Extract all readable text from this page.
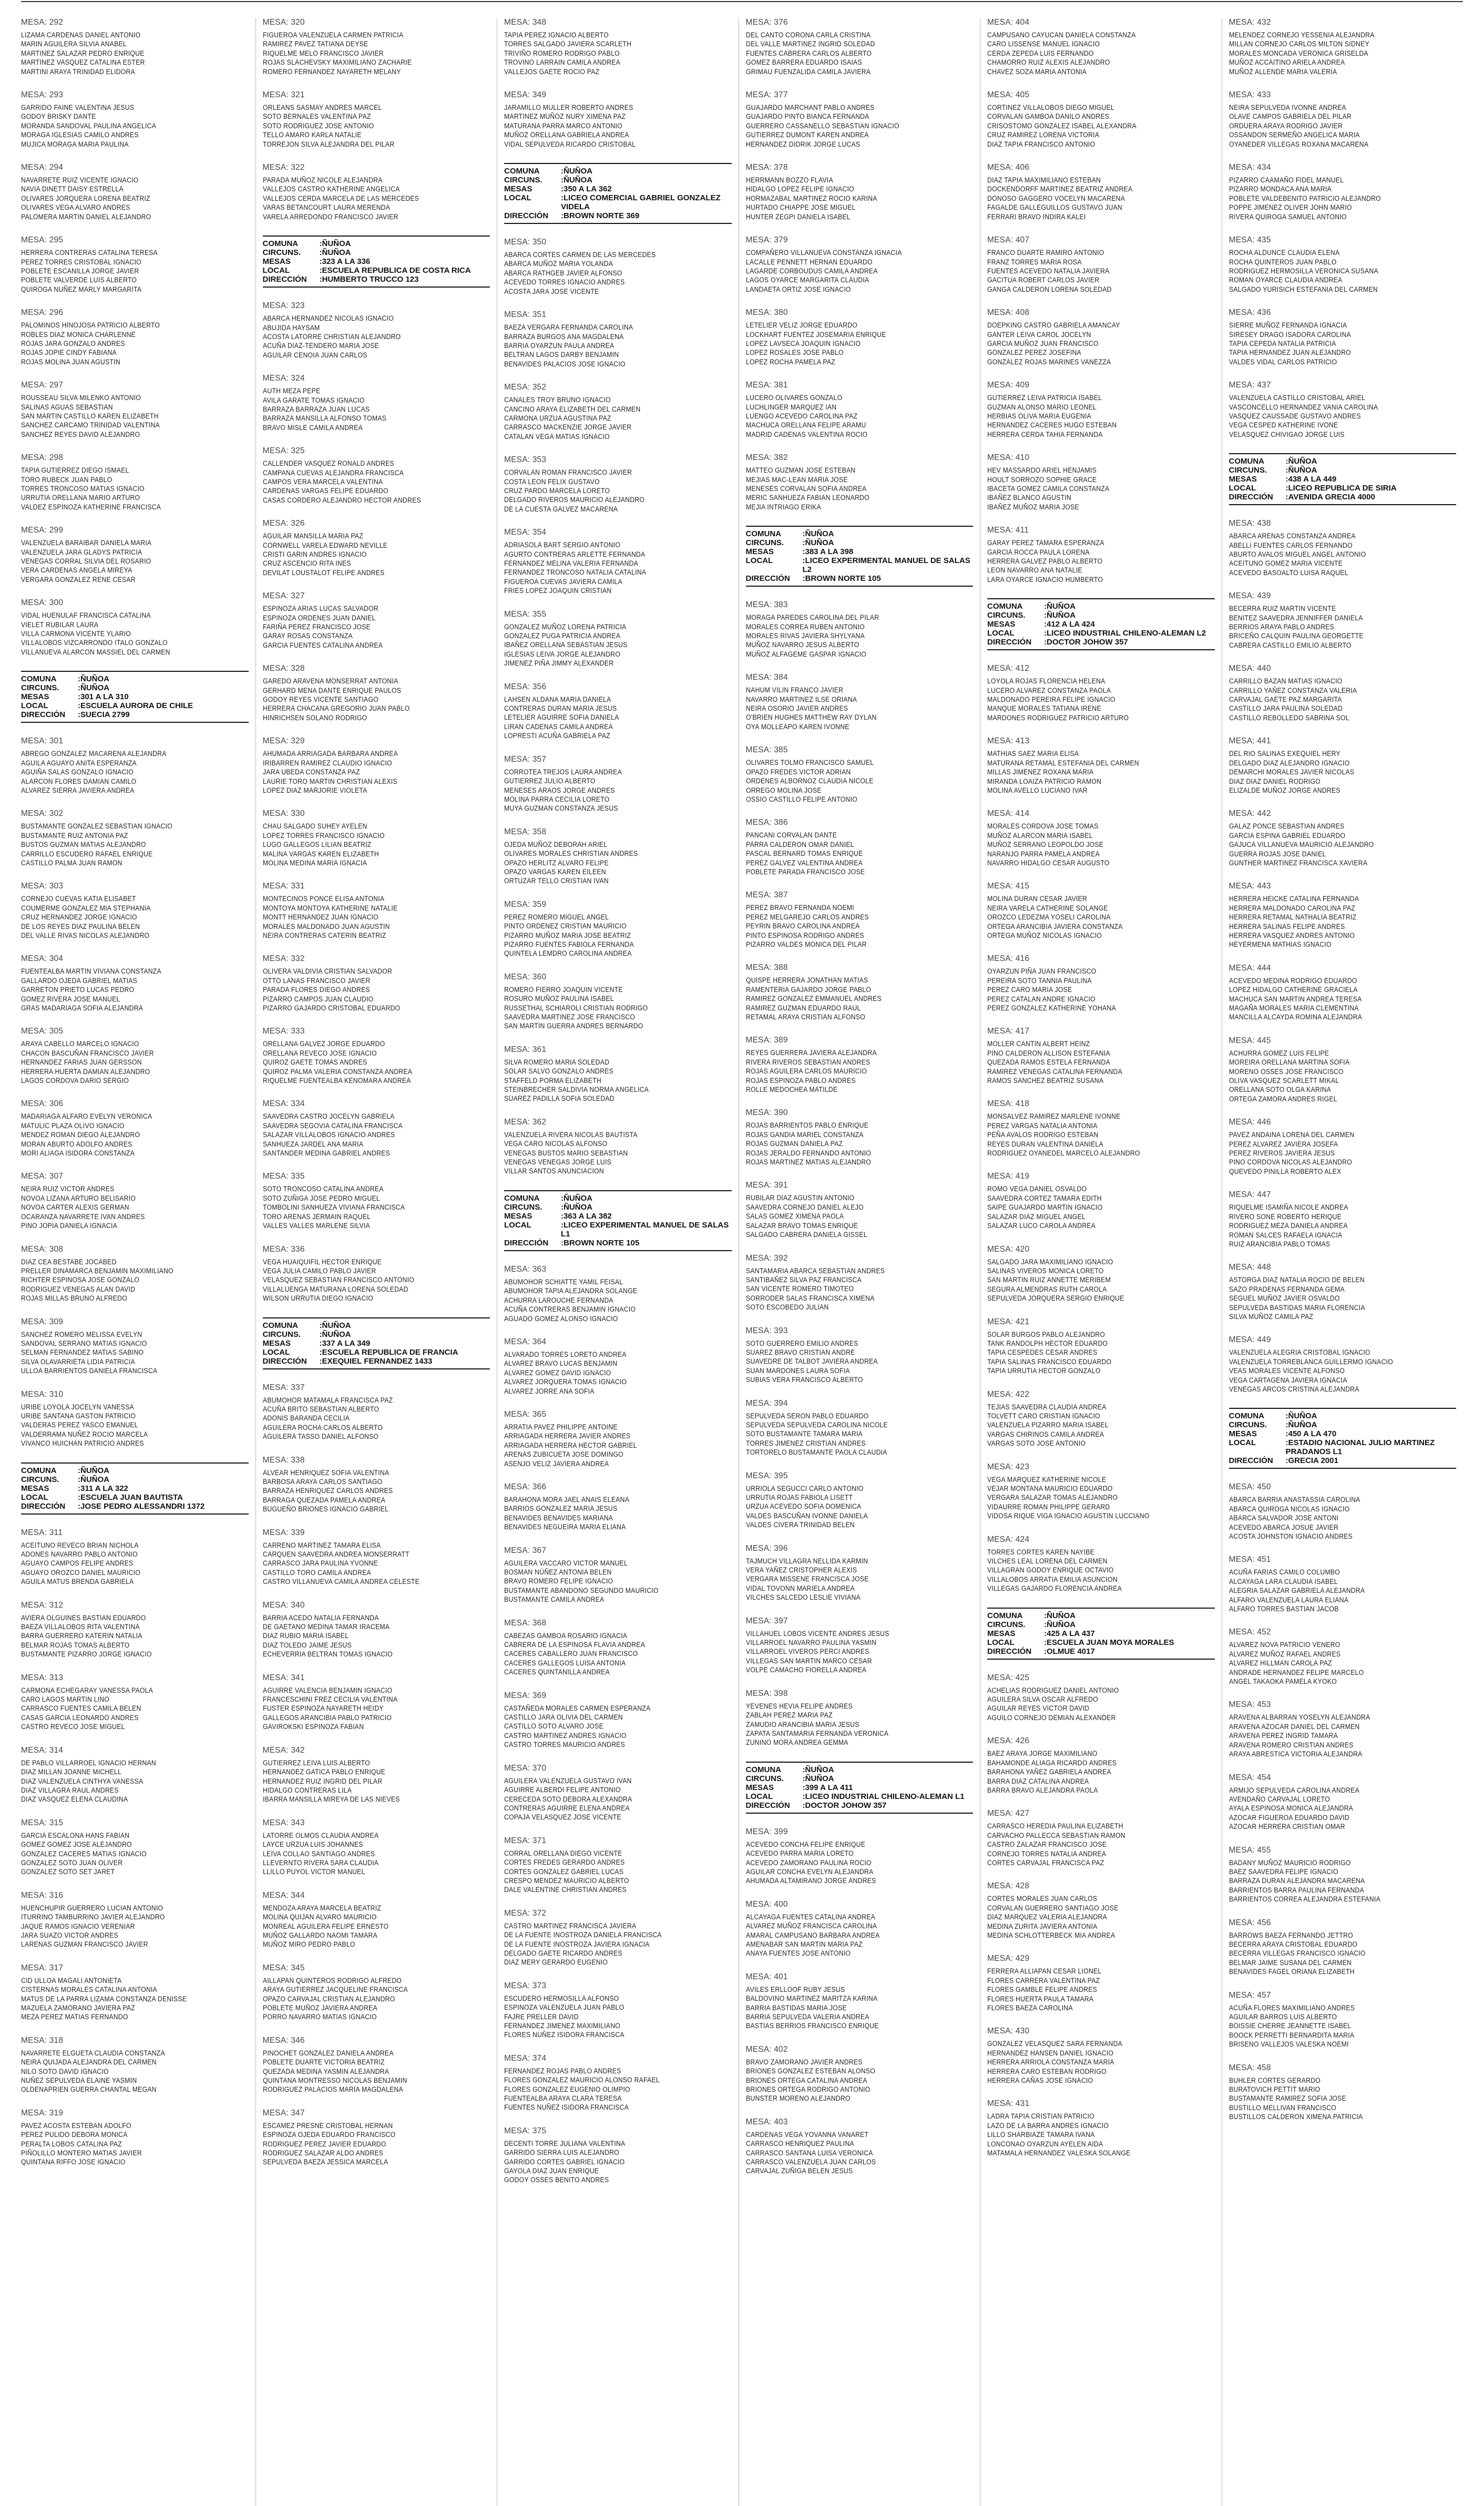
MESA: 292
LIZAMA CARDENAS DANIEL ANTONIO
MARIN AGUILERA SILVIA ANABEL
MARTINEZ SALAZAR PEDRO ENRIQUE
MARTINEZ VASQUEZ CATALINA ESTER
MARTINI ARAYA TRINIDAD ELIDORA
MESA: 293
GARRIDO FAINE VALENTINA JESUS
GODOY BRISKY DANTE
MORANDA SANDOVAL PAULINA ANGELICA
MORAGA IGLESIAS CAMILO ANDRES
MUJICA MORAGA MARIA PAULINA
MESA: 294
NAVARRETE RUIZ VICENTE IGNACIO
NAVIA DINETT DAISY ESTRELLA
OLIVARES JORQUERA LORENA BEATRIZ
OLIVARES VEGA ALVARO ANDRES
PALOMERA MARTIN DANIEL ALEJANDRO
MESA: 295
HERRERA CONTRERAS CATALINA TERESA
PEREZ TORRES CRISTOBAL IGNACIO
POBLETE ESCANILLA JORGE JAVIER
POBLETE VALVERDE LUIS ALBERTO
QUIROGA NUÑEZ MARLY MARGARITA
MESA: 296
PALOMINOS HINOJOSA PATRICIO ALBERTO
ROBLES DIAZ MONICA CHARLENNE
ROJAS JARA GONZALO ANDRES
ROJAS JOPIE CINDY FABIANA
ROJAS MOLINA JUAN AGUSTIN
MESA: 297
ROUSSEAU SILVA MILENKO ANTONIO
SALINAS AGUAS SEBASTIAN
SAN MARTIN CASTILLO KAREN ELIZABETH
SANCHEZ CARCAMO TRINIDAD VALENTINA
SANCHEZ REYES DAVID ALEJANDRO
MESA: 298
TAPIA GUTIERREZ DIEGO ISMAEL
TORO RUBECK JUAN PABLO
TORRES TRONCOSO MATIAS IGNACIO
URRUTIA ORELLANA MARIO ARTURO
VALDEZ ESPINOZA KATHERINE FRANCISCA
MESA: 299
VALENZUELA BARAIBAR DANIELA MARIA
VALENZUELA JARA GLADYS PATRICIA
VENEGAS CORRAL SILVIA DEL ROSARIO
VERA CARDENAS ANGELA MIREYA
VERGARA GONZALEZ RENE CESAR
MESA: 300
VIDAL HUENULAF FRANCISCA CATALINA
VIELET RUBILAR LAURA
VILLA CARMONA VICENTE YLARIO
VILLALOBOS VIZCARRONDO ITALO GONZALO
VILLANUEVA ALARCON MASSIEL DEL CARMEN
COMUNA	: ÑUÑOA
CIRCUNS.	: ÑUÑOA
MESAS	: 301 A LA 310
LOCAL	: ESCUELA AURORA DE CHILE
DIRECCIÓN	: SUECIA 2799
MESA: 301
ABREGO GONZALEZ MACARENA ALEJANDRA
AGUILA AGUAYO ANITA ESPERANZA
AGUIÑA SALAS GONZALO IGNACIO
ALARCON FLORES DAMIAN CAMILO
ALVAREZ SIERRA JAVIERA ANDREA
MESA: 302
BUSTAMANTE GONZALEZ SEBASTIAN IGNACIO
BUSTAMANTE RUIZ ANTONIA PAZ
BUSTOS GUZMAN MATIAS ALEJANDRO
CARRILLO ESCUDERO RAFAEL ENRIQUE
CASTILLO PALMA JUAN RAMON
MESA: 303
CORNEJO CUEVAS KATIA ELISABET
COUMERME GONZALEZ MIA STEPHANIA
CRUZ HERNANDEZ JORGE IGNACIO
DE LOS REYES DIAZ PAULINA BELEN
DEL VALLE RIVAS NICOLAS ALEJANDRO
MESA: 304
FUENTEALBA MARTIN VIVIANA CONSTANZA
GALLARDO OJEDA GABRIEL MATIAS
GARRETON PRIETO LUCAS PEDRO
GOMEZ RIVERA JOSE MANUEL
GRAS MADARIAGA SOFIA ALEJANDRA
MESA: 305
ARAYA CABELLO MARCELO IGNACIO
CHACON BASCUÑAN FRANCISCO JAVIER
HERNANDEZ FARIAS JUAN GERSSON
HERRERA HUERTA DAMIAN ALEJANDRO
LAGOS CORDOVA DARIO SERGIO
MESA: 306
MADARIAGA ALFARO EVELYN VERONICA
MATULIC PLAZA OLIVO IGNACIO
MENDEZ ROMAN DIEGO ALEJANDRO
MORAN ABURTO ADOLFO ANDRES
MORI ALIAGA ISIDORA CONSTANZA
MESA: 307
NEIRA RUIZ VICTOR ANDRES
NOVOA LIZANA ARTURO BELISARIO
NOVOA CARTER ALEXIS GERMAN
OCARANZA NAVARRETE IVAN ANDRES
PINO JOPIA DANIELA IGNACIA
MESA: 308
DIAZ CEA BESTABE JOCABED
PRELLER DINAMARCA BENJAMIN MAXIMILIANO
RICHTER ESPINOSA JOSE GONZALO
RODRIGUEZ VENEGAS ALAN DAVID
ROJAS MILLAS BRUNO ALFREDO
MESA: 309
SANCHEZ ROMERO MELISSA EVELYN
SANDOVAL SERRANO MATIAS IGNACIO
SELMAN FERNANDEZ MATIAS SABINO
SILVA OLAVARRIETA LIDIA PATRICIA
ULLOA BARRIENTOS DANIELA FRANCISCA
MESA: 310
URIBE LOYOLA JOCELYN VANESSA
URIBE SANTANA GASTON PATRICIO
VALDERAS PEREZ YASCO EMANUEL
VALDERRAMA NUÑEZ ROCIO MARCELA
VIVANCO HUICHAN PATRICIO ANDRES
COMUNA	: ÑUÑOA
CIRCUNS.	: ÑUÑOA
MESAS	: 311 A LA 322
LOCAL	: ESCUELA JUAN BAUTISTA
DIRECCIÓN	: JOSE PEDRO ALESSANDRI 1372
MESA: 311
ACEITUNO REVECO BRIAN NICHOLA
ADONES NAVARRO PABLO ANTONIO
AGUAYO CAMPOS FELIPE ANDRES
AGUAYO OROZCO DANIEL MAURICIO
AGUILA MATUS BRENDA GABRIELA
MESA: 312
AVIERA OLGUINES BASTIAN EDUARDO
BAEZA VILLALOBOS RITA VALENTINA
BARRA GUERRERO KATERIN NATALIA
BELMAR ROJAS TOMAS ALBERTO
BUSTAMANTE PIZARRO JORGE IGNACIO
MESA: 313
CARMONA ECHEGARAY VANESSA PAOLA
CARO LAGOS MARTIN LINO
CARRASCO FUENTES CAMILA BELEN
CASAS GARCIA LEONARDO ANDRES
CASTRO REVECO JOSE MIGUEL
MESA: 314
DE PABLO VILLARROEL IGNACIO HERNAN
DIAZ MILLAN JOANNE MICHELL
DIAZ VALENZUELA CINTHYA VANESSA
DIAZ VILLAGRA RAUL ANDRES
DIAZ VASQUEZ ELENA CLAUDINA
MESA: 315
GARCIA ESCALONA HANS FABIAN
GOMEZ GOMEZ JOSE ALEJANDRO
GONZALEZ CACERES MATIAS IGNACIO
GONZALEZ SOTO JUAN OLIVER
GONZALEZ SOTO SET JARET
MESA: 316
HUENCHUPIR GUERRERO LUCIAN ANTONIO
ITURRINO TAMBURRINO JAVIER ALEJANDRO
JAQUE RAMOS IGNACIO VERENIAR
JARA SUAZO VICTOR ANDRES
LARENAS GUZMAN FRANCISCO JAVIER
MESA: 317
CID ULLOA MAGALI ANTONIETA
CISTERNAS MORALES CATALINA ANTONIA
MATUS DE LA PARRA LIZAMA CONSTANZA DENISSE
MAZUELA ZAMORANO JAVIERA PAZ
MEZA PEREZ MATIAS FERNANDO
MESA: 318
NAVARRETE ELGUETA CLAUDIA CONSTANZA
NEIRA QUIJADA ALEJANDRA DEL CARMEN
NILO SOTO DAVID IGNACIO
NUÑEZ SEPULVEDA ELAINE YASMIN
OLDENAPRIEN GUERRA CHANTAL MEGAN
MESA: 319
PAVEZ ACOSTA ESTEBAN ADOLFO
PEREZ PULIDO DEBORA MONICA
PERALTA LOBOS CATALINA PAZ
PIÑOLILLO MONTERO MATIAS JAVIER
QUINTANA RIFFO JOSE IGNACIO
MESA: 320
FIGUEROA VALENZUELA CARMEN PATRICIA
RAMIREZ PAVEZ TATIANA DEYSE
RIQUELME MELO FRANCISCO JAVIER
ROJAS SLACHEVSKY MAXIMILIANO ZACHARIE
ROMERO FERNANDEZ NAYARETH MELANY
MESA: 321
ORLEANS SASMAY ANDRES MARCEL
SOTO BERNALES VALENTINA PAZ
SOTO RODRIGUEZ JOSE ANTONIO
TELLO AMARO KARLA NATALIE
TORREJON SILVA ALEJANDRA DEL PILAR
MESA: 322
PARADA MUÑOZ NICOLE ALEJANDRA
VALLEJOS CASTRO KATHERINE ANGELICA
VALLEJOS CERDA MARCELA DE LAS MERCEDES
VARAS BETANCOURT LAURA MERENDA
VARELA ARREDONDO FRANCISCO JAVIER
COMUNA	: ÑUÑOA
CIRCUNS.	: ÑUÑOA
MESAS	: 323 A LA 336
LOCAL	: ESCUELA REPUBLICA DE COSTA RICA
DIRECCIÓN	: HUMBERTO TRUCCO 123
MESA: 323
ABARCA HERNANDEZ NICOLAS IGNACIO
ABUJIDA HAYSAM
ACOSTA LATORRE CHRISTIAN ALEJANDRO
ACUÑA DIAZ-TENDERO MARIA JOSE
AGUILAR CENOIA JUAN CARLOS
MESA: 324
AUTH MEZA PEPE
AVILA GARATE TOMAS IGNACIO
BARRAZA BARRAZA JUAN LUCAS
BARRAZA MANSILLA ALFONSO TOMAS
BRAVO MISLE CAMILA ANDREA
MESA: 325
CALLENDER VASQUEZ RONALD ANDRES
CAMPANA CUEVAS ALEJANDRA FRANCISCA
CAMPOS VERA MARCELA VALENTINA
CARDENAS VARGAS FELIPE EDUARDO
CASAS CORDERO ALEJANDRO HECTOR ANDRES
MESA: 326
AGUILAR MANSILLA MARIA PAZ
CORNWELL VARELA EDWARD NEVILLE
CRISTI GARIN ANDRES IGNACIO
CRUZ ASCENCIO RITA INES
DEVILAT LOUSTALOT FELIPE ANDRES
MESA: 327
ESPINOZA ARIAS LUCAS SALVADOR
ESPINOZA ORDENES JUAN DANIEL
FARIÑA PEREZ FRANCISCO JOSE
GARAY ROSAS CONSTANZA
GARCIA FUENTES CATALINA ANDREA
MESA: 328
GAREDO ARAVENA MONSERRAT ANTONIA
GERHARD MENA DANTE ENRIQUE PAULOS
GODOY REYES VICENTE SANTIAGO
HERRERA CHACANA GREGORIO JUAN PABLO
HINRICHSEN SOLANO RODRIGO
MESA: 329
AHUMADA ARRIAGADA BARBARA ANDREA
IRIBARREN RAMIREZ CLAUDIO IGNACIO
JARA UBEDA CONSTANZA PAZ
LAURIE TORO MARTIN CHRISTIAN ALEXIS
LOPEZ DIAZ MARJORIE VIOLETA
MESA: 330
CHAU SALGADO SUHEY AYELEN
LOPEZ TORRES FRANCISCO IGNACIO
LUGO GALLEGOS LILIAN BEATRIZ
MALINA VARGAS KAREN ELIZABETH
MOLINA MEDINA MARIA IGNACIA
MESA: 331
MONTECINOS PONCE ELISA ANTONIA
MONTOYA MONTOYA KATHERINE NATALIE
MONTT HERNANDEZ JUAN IGNACIO
MORALES MALDONADO JUAN AGUSTIN
NEIRA CONTRERAS CATERIN BEATRIZ
MESA: 332
OLIVERA VALDIVIA CRISTIAN SALVADOR
OTTO LANAS FRANCISCO JAVIER
PARADA FLORES DIEGO ANDRES
PIZARRO CAMPOS JUAN CLAUDIO
PIZARRO GAJARDO CRISTOBAL EDUARDO
MESA: 333
ORELLANA GALVEZ JORGE EDUARDO
ORELLANA REVECO JOSE IGNACIO
QUIROZ GAETE TOMAS ANDRES
QUIROZ PALMA VALERIA CONSTANZA ANDREA
RIQUELME FUENTEALBA KENOMARA ANDREA
MESA: 334
SAAVEDRA CASTRO JOCELYN GABRIELA
SAAVEDRA SEGOVIA CATALINA FRANCISCA
SALAZAR VILLALOBOS IGNACIO ANDRES
SANHUEZA JARDEL ANA MARIA
SANTANDER MEDINA GABRIEL ANDRES
MESA: 335
SOTO TRONCOSO CATALINA ANDREA
SOTO ZUÑIGA JOSE PEDRO MIGUEL
TOMBOLINI SANHUEZA VIVIANA FRANCISCA
TORO ARENAS JERMAIN RAQUEL
VALLES VALLES MARLENE SILVIA
MESA: 336
VEGA HUAIQUIFIL HECTOR ENRIQUE
VEGA JULIA CAMILO PABLO JAVIER
VELASQUEZ SEBASTIAN FRANCISCO ANTONIO
VILLALUENGA MATURANA LORENA SOLEDAD
WILSON URRUTIA DIEGO IGNACIO
COMUNA	: ÑUÑOA
CIRCUNS.	: ÑUÑOA
MESAS	: 337 A LA 349
LOCAL	: ESCUELA REPUBLICA DE FRANCIA
DIRECCIÓN	: EXEQUIEL FERNANDEZ 1433
MESA: 337
ABUMOHOR MATAMALA FRANCISCA PAZ
ACUÑA BRITO SEBASTIAN ALBERTO
ADONIS BARANDA CECILIA
AGUILERA ROCHA CARLOS ALBERTO
AGUILERA TASSO DANIEL ALFONSO
MESA: 338
ALVEAR HENRIQUEZ SOFIA VALENTINA
BARBOSA ARAYA CARLOS SANTIAGO
BARRAZA HENRIQUEZ CARLOS ANDRES
BARRAGA QUEZADA PAMELA ANDREA
BUGUEÑO BRIONES IGNACIO GABRIEL
MESA: 339
CARRENO MARTINEZ TAMARA ELISA
CARQUEN SAAVEDRA ANDREA MONSERRATT
CARRASCO JARA PAULINA YVONNE
CASTILLO TORO CAMILA ANDREA
CASTRO VILLANUEVA CAMILA ANDREA CELESTE
MESA: 340
BARRIA ACEDO NATALIA FERNANDA
DE GAETANO MEDINA TAMAR IRACEMA
DIAZ RUBIO MARIA ISABEL
DIAZ TOLEDO JAIME JESUS
ECHEVERRIA BELTRAN TOMAS IGNACIO
MESA: 341
AGUIRRE VALENCIA BENJAMIN IGNACIO
FRANCESCHINI FREZ CECILIA VALENTINA
FUSTER ESPINOZA NAYARETH HEIDY
GALLEGOS ARANCIBIA PABLO PATRICIO
GAVIROKSKI ESPINOZA FABIAN
MESA: 342
GUTIERREZ LEIVA LUIS ALBERTO
HERNANDEZ GATICA PABLO ENRIQUE
HERNANDEZ RUIZ INGRID DEL PILAR
HIDALGO CONTRERAS LILA
IBARRA MANSILLA MIREYA DE LAS NIEVES
MESA: 343
LATORRE OLMOS CLAUDIA ANDREA
LAYCE URZUA LUIS JOHANNES
LEIVA COLLAO SANTIAGO ANDRES
LLEVERNTO RIVERA SARA CLAUDIA
LLILLO PUYOL VICTOR MANUEL
MESA: 344
MENDOZA ARAYA MARCELA BEATRIZ
MOLINA QUIJAN ALVARO MAURICIO
MONREAL AGUILERA FELIPE ERNESTO
MUÑOZ GALLARDO NAOMI TAMARA
MUÑOZ MIRO PEDRO PABLO
MESA: 345
AILLAPAN QUINTEROS RODRIGO ALFREDO
ARAYA GUTIERREZ JACQUELINE FRANCISCA
OPAZO CARVAJAL CRISTIAN ALEJANDRO
POBLETE MUÑOZ JAVIERA ANDREA
PORRO NAVARRO MATIAS IGNACIO
MESA: 346
PINOCHET GONZALEZ DANIELA ANDREA
POBLETE DUARTE VICTORIA BEATRIZ
QUEZADA MEDINA YASMIN ALEJANDRA
QUINTANA MONTRESSO NICOLAS BENJAMIN
RODRIGUEZ PALACIOS MARIA MAGDALENA
MESA: 347
ESCAMEZ PRESNE CRISTOBAL HERNAN
ESPINOZA OJEDA EDUARDO FRANCISCO
RODRIGUEZ PEREZ JAVIER EDUARDO
RODRIGUEZ SALAZAR ALDO ANDRES
SEPULVEDA BAEZA JESSICA MARCELA
MESA: 348
TAPIA PEREZ IGNACIO ALBERTO
TORRES SALGADO JAVIERA SCARLETH
TRIVIÑO ROMERO RODRIGO PABLO
TROVINO LARRAIN CAMILA ANDREA
VALLEJOS GAETE ROCIO PAZ
MESA: 349
JARAMILLO MULLER ROBERTO ANDRES
MARTINEZ MUÑOZ NURY XIMENA PAZ
MATURANA PARRA MARCO ANTONIO
MUÑOZ ORELLANA GABRIELA ANDREA
VIDAL SEPULVEDA RICARDO CRISTOBAL
COMUNA	: ÑUÑOA
CIRCUNS.	: ÑUÑOA
MESAS	: 350 A LA 362
LOCAL	: LICEO COMERCIAL GABRIEL GONZALEZ VIDELA
DIRECCIÓN	: BROWN NORTE 369
MESA: 350
ABARCA CORTES CARMEN DE LAS MERCEDES
ABARCA MUÑOZ MARIA YOLANDA
ABARCA RATHGEB JAVIER ALFONSO
ACEVEDO TORRES IGNACIO ANDRES
ACOSTA JARA JOSE VICENTE
MESA: 351
BAEZA VERGARA FERNANDA CAROLINA
BARRAZA BURGOS ANA MAGDALENA
BARRIA OYARZUN PAULA ANDREA
BELTRAN LAGOS DARBY BENJAMIN
BENAVIDES PALACIOS JOSE IGNACIO
MESA: 352
CANALES TROY BRUNO IGNACIO
CANCINO ARAYA ELIZABETH DEL CARMEN
CARMONA URZUA AGUSTINA PAZ
CARRASCO MACKENZIE JORGE JAVIER
CATALAN VEGA MATIAS IGNACIO
MESA: 353
CORVALAN ROMAN FRANCISCO JAVIER
COSTA LEON FELIX GUSTAVO
CRUZ PARDO MARCELA LORETO
DELGADO RIVEROS MAURICIO ALEJANDRO
DE LA CUESTA GALVEZ MACARENA
MESA: 354
ADRIASOLA BART SERGIO ANTONIO
AGURTO CONTRERAS ARLETTE FERNANDA
FERNANDEZ MELINA VALERIA FERNANDA
FERNANDEZ TRONCOSO NATALIA CATALINA
FIGUEROA CUEVAS JAVIERA CAMILA
FRIES LOPEZ JOAQUIN CRISTIAN
MESA: 355
GONZALEZ MUÑOZ LORENA PATRICIA
GONZALEZ PUGA PATRICIA ANDREA
IBAÑEZ ORELLANA SEBASTIAN JESUS
IGLESIAS LEIVA JORGE ALEJANDRO
JIMENEZ PIÑA JIMMY ALEXANDER
MESA: 356
LAHSEN ALDANA MARIA DANIELA
CONTRERAS DURAN MARIA JESUS
LETELIER AGUIRRE SOFIA DANIELA
LIRAN CADENAS CAMILA ANDREA
LOPRESTI ACUÑA GABRIELA PAZ
MESA: 357
CORROTEA TREJOS LAURA ANDREA
GUTIERREZ JULIO ALBERTO
MENESES ARAOS JORGE ANDRES
MOLINA PARRA CECILIA LORETO
MUYA GUZMAN CONSTANZA JESUS
MESA: 358
OJEDA MUÑOZ DEBORAH ARIEL
OLIVARES MORALES CHRISTIAN ANDRES
OPAZO HERLITZ ALVARO FELIPE
OPAZO VARGAS KAREN EILEEN
ORTUZAR TELLO CRISTIAN IVAN
MESA: 359
PEREZ ROMERO MIGUEL ANGEL
PINTO ORDENEZ CRISTIAN MAURICIO
PIZARRO MUÑOZ MARIA JOSE BEATRIZ
PIZARRO FUENTES FABIOLA FERNANDA
QUINTELA LEMDRO CAROLINA ANDREA
MESA: 360
ROMERO FIERRO JOAQUIN VICENTE
ROSURO MUÑOZ PAULINA ISABEL
RUSSETHAL SCHIAROLI CRISTIAN RODRIGO
SAAVEDRA MARTINEZ JOSE FRANCISCO
SAN MARTIN GUERRA ANDRES BERNARDO
MESA: 361
SILVA ROMERO MARIA SOLEDAD
SOLAR SALVO GONZALO ANDRES
STAFFELD PORMA ELIZABETH
STEINBRECHER SALDIVIA NORMA ANGELICA
SUAREZ PADILLA SOFIA SOLEDAD
MESA: 362
VALENZUELA RIVERA NICOLAS BAUTISTA
VEGA CARO NICOLAS ALFONSO
VENEGAS BUSTOS MARIO SEBASTIAN
VENEGAS VENEGAS JORGE LUIS
VILLAR SANTOS ANUNCIACION
COMUNA	: ÑUÑOA
CIRCUNS.	: ÑUÑOA
MESAS	: 363 A LA 382
LOCAL	: LICEO EXPERIMENTAL MANUEL DE SALAS L1
DIRECCIÓN	: BROWN NORTE 105
MESA: 363
ABUMOHOR SCHIATTE YAMIL FEISAL
ABUMOHOR TAPIA ALEJANDRA SOLANGE
ACHURRA LAROUCHE FERNANDA
ACUÑA CONTRERAS BENJAMIN IGNACIO
AGUADO GOMEZ ALONSO IGNACIO
MESA: 364
ALVARADO TORRES LORETO ANDREA
ALVAREZ BRAVO LUCAS BENJAMIN
ALVAREZ GOMEZ DAVID IGNACIO
ALVAREZ JORQUERA TOMAS IGNACIO
ALVAREZ JORRE ANA SOFIA
MESA: 365
ARRATIA PAVEZ PHILIPPE ANTOINE
ARRIAGADA HERRERA JAVIER ANDRES
ARRIAGADA HERRERA HECTOR GABRIEL
ARENAS ZUBICUETA JOSE DOMINGO
ASENJO VELIZ JAVIERA ANDREA
MESA: 366
BARAHONA MORA JAEL ANAIS ELEANA
BARRIOS GONZALEZ MARIA JESUS
BENAVIDES BENAVIDES MARIANA
BENAVIDES NEGUEIRA MARIA ELIANA
MESA: 367
AGUILERA VACCARO VICTOR MANUEL
BOSMAN NÚÑEZ ANTONIA BELEN
BRAVO ROMERO FELIPE IGNACIO
BUSTAMANTE ABANDONO SEGUNDO MAURICIO
BUSTAMANTE CAMILA ANDREA
MESA: 368
CABEZAS GAMBOA ROSARIO IGNACIA
CABRERA DE LA ESPINOSA FLAVIA ANDREA
CACERES CABALLERO JUAN FRANCISCO
CACERES GALLEGOS LUISA ANTONIA
CACERES QUINTANILLA ANDREA
MESA: 369
CASTAÑEDA MORALES CARMEN ESPERANZA
CASTILLO JARA OLIVIA DEL CARMEN
CASTILLO SOTO ALVARO JOSE
CASTRO MARTINEZ ANDRES IGNACIO
CASTRO TORRES MAURICIO ANDRES
MESA: 370
AGUILERA VALENZUELA GUSTAVO IVAN
AGUIRRE ALBERDI FELIPE ANTONIO
CERECEDA SOTO DEBORA ALEXANDRA
CONTRERAS AGUIRRE ELENA ANDREA
COPAJA VELASQUEZ JOSE VICENTE
MESA: 371
CORRAL ORELLANA DIEGO VICENTE
CORTES FREDES GERARDO ANDRES
CORTES GONZALEZ GABRIEL LUCAS
CRESPO MENDEZ MAURICIO ALBERTO
DALE VALENTINE CHRISTIAN ANDRES
MESA: 372
CASTRO MARTINEZ FRANCISCA JAVIERA
DE LA FUENTE INOSTROZA DANIELA FRANCISCA
DE LA FUENTE INOSTROZA JAVIERA IGNACIA
DELGADO GAETE RICARDO ANDRES
DIAZ MERY GERARDO EUGENIO
MESA: 373
ESCUDERO HERMOSILLA ALFONSO
ESPINOZA VALENZUELA JUAN PABLO
FAJRE PRELLER DAVID
FERNANDEZ JIMENEZ MAXIMILIANO
FLORES NUÑEZ ISIDORA FRANCISCA
MESA: 374
FERNANDEZ ROJAS PABLO ANDRES
FLORES GONZALEZ MAURICIO ALONSO RAFAEL
FLORES GONZALEZ EUGENIO OLIMPIO
FUENTEALBA ARAYA CLARA TERESA
FUENTES NUÑEZ ISIDORA FRANCISCA
MESA: 375
DECENTI TORRE JULIANA VALENTINA
GARRIDO SIERRA LUIS ALEJANDRO
GARRIDO CORTES GABRIEL IGNACIO
GAYOLA DIAZ JUAN ENRIQUE
GODOY OSSES BENITO ANDRES
MESA: 376
DEL CANTO CORONA CARLA CRISTINA
DEL VALLE MARTINEZ INGRID SOLEDAD
FUENTES CABRERA CARLOS ALBERTO
GOMEZ BARRERA EDUARDO ISAIAS
GRIMAU FUENZALIDA CAMILA JAVIERA
MESA: 377
GUAJARDO MARCHANT PABLO ANDRES
GUAJARDO PINTO BIANCA FERNANDA
GUERRERO CASSANELLO SEBASTIAN IGNACIO
GUTIERREZ DUMONT KAREN ANDREA
HERNANDEZ DIDRIK JORGE LUCAS
MESA: 378
HERRMANN BOZZO FLAVIA
HIDALGO LOPEZ FELIPE IGNACIO
HORMAZABAL MARTINEZ ROCIO KARINA
HURTADO CHIAPPE JOSE MIGUEL
HUNTER ZEGPI DANIELA ISABEL
MESA: 379
COMPAÑERO VILLANUEVA CONSTANZA IGNACIA
LACALLE PENNETT HERNAN EDUARDO
LAGARDE CORBOUDUS CAMILA ANDREA
LAGOS OYARCE MARGARITA CLAUDIA
LANDAETA ORTIZ JOSE IGNACIO
MESA: 380
LETELIER VELIZ JORGE EDUARDO
LOCKHART FUENTEZ JOSEMARIA ENRIQUE
LOPEZ LAVSECA JOAQUIN IGNACIO
LOPEZ ROSALES JOSE PABLO
LOPEZ ROCHA PAMELA PAZ
MESA: 381
LUCERO OLIVARES GONZALO
LUCHLINGER MARQUEZ IAN
LUENGO ACEVEDO CAROLINA PAZ
MACHUCA ORELLANA FELIPE ARAMU
MADRID CADENAS VALENTINA ROCIO
MESA: 382
MATTEO GUZMAN JOSE ESTEBAN
MEJIAS MAC-LEAN MARIA JOSE
MENESES CORVALAN SOFIA ANDREA
MERIC SANHUEZA FABIAN LEONARDO
MEJIA INTRIAGO ERIKA
COMUNA	: ÑUÑOA
CIRCUNS.	: ÑUÑOA
MESAS	: 383 A LA 398
LOCAL	: LICEO EXPERIMENTAL MANUEL DE SALAS L2
DIRECCIÓN	: BROWN NORTE 105
MESA: 383
MORAGA PAREDES CAROLINA DEL PILAR
MORALES CORREA RUBEN ANTONIO
MORALES RIVAS JAVIERA SHYLYANA
MUÑOZ NAVARRO JESUS ALBERTO
MUÑOZ ALFAGEME GASPAR IGNACIO
MESA: 384
NAHUM VILIN FRANCO JAVIER
NAVARRO MARTINEZ ILSE ORIANA
NEIRA OSORIO JAVIER ANDRES
O'BRIEN HUGHES MATTHEW RAY DYLAN
OYA MOLLEAPO KAREN IVONNE
MESA: 385
OLIVARES TOLMO FRANCISCO SAMUEL
OPAZO FREDES VICTOR ADRIAN
ORDENES ALBORNOZ CLAUDIA NICOLE
ORREGO MOLINA JOSE
OSSIO CASTILLO FELIPE ANTONIO
MESA: 386
PANCANI CORVALAN DANTE
PARRA CALDERON OMAR DANIEL
PASCAL BERNARD TOMAS ENRIQUE
PEREZ GALVEZ VALENTINA ANDREA
POBLETE PARADA FRANCISCO JOSE
MESA: 387
PEREZ BRAVO FERNANDA NOEMI
PEREZ MELGAREJO CARLOS ANDRES
PEYRIN BRAVO CAROLINA ANDREA
PINTO ESPINOSA RODRIGO ANDRES
PIZARRO VALDES MONICA DEL PILAR
MESA: 388
QUISPE HERRERA JONATHAN MATIAS
RAMENTERIA GAJARDO JORGE PABLO
RAMIREZ GONZALEZ EMMANUEL ANDRES
RAMIREZ GUZMAN EDUARDO RAUL
RETAMAL ARAYA CRISTIAN ALFONSO
MESA: 389
REYES GUERRERA JAVIERA ALEJANDRA
RIVERA RIVEROS SEBASTIAN ANDRES
ROJAS AGUILERA CARLOS MAURICIO
ROJAS ESPINOZA PABLO ANDRES
ROLLE MEDOCHEA MATILDE
MESA: 390
ROJAS BARRIENTOS PABLO ENRIQUE
ROJAS GANDIA MARIEL CONSTANZA
ROJAS GUZMAN DANIELA PAZ
ROJAS JERALDO FERNANDO ANTONIO
ROJAS MARTINEZ MATIAS ALEJANDRO
MESA: 391
RUBILAR DIAZ AGUSTIN ANTONIO
SAAVEDRA CORNEJO DANIEL ALEJO
SALAS GOMEZ XIMENA PAOLA
SALAZAR BRAVO TOMAS ENRIQUE
SALGADO CABRERA DANIELA GISSEL
MESA: 392
SANTAMARIA ABARCA SEBASTIAN ANDRES
SANTIBAÑEZ SILVA PAZ FRANCISCA
SAN VICENTE ROMERO TIMOTEO
SORRODER SALAS FRANCISCA XIMENA
SOTO ESCOBEDO JULIAN
MESA: 393
SOTO GUERRERO EMILIO ANDRES
SUAREZ BRAVO CRISTIAN ANDRE
SUAVEDRE DE TALBOT JAVIERA ANDREA
SUAN MARDONES LAURA SOFIA
SUBIAS VERA FRANCISCO ALBERTO
MESA: 394
SEPULVEDA SERON PABLO EDUARDO
SEPULVEDA SEPULVEDA CAROLINA NICOLE
SOTO BUSTAMANTE TAMARA MARIA
TORRES JIMENEZ CRISTIAN ANDRES
TORTORELO BUSTAMANTE PAOLA CLAUDIA
MESA: 395
URRIOLA SEGUCCI CARLO ANTONIO
URRUTIA ROJAS FABIOLA LISETT
URZUA ACEVEDO SOFIA DOMENICA
VALDES BASCUÑAN IVONNE DANIELA
VALDES CIVERA TRINIDAD BELEN
MESA: 396
TAJMUCH VILLAGRA NELLIDA KARMIN
VERA YAÑEZ CRISTOPHER ALEXIS
VERGARA MISSENE FRANCISCA JOSE
VIDAL TOVONN MARIELA ANDREA
VILCHES SALCEDO LESLIE VIVIANA
MESA: 397
VILLAHUEL LOBOS VICENTE ANDRES JESUS
VILLARROEL NAVARRO PAULINA YASMIN
VILLARROEL VIVEROS PERCI ANDRES
VILLEGAS SAN MARTIN MARCO CESAR
VOLPE CAMACHO FIORELLA ANDREA
MESA: 398
YEVENES HEVIA FELIPE ANDRES
ZABLAH PEREZ MARIA PAZ
ZAMUDIO ARANCIBIA MARIA JESUS
ZAPATA SANTAMARIA FERNANDA VERONICA
ZUNINO MORA ANDREA GEMMA
COMUNA	: ÑUÑOA
CIRCUNS.	: ÑUÑOA
MESAS	: 399 A LA 411
LOCAL	: LICEO INDUSTRIAL CHILENO-ALEMAN L1
DIRECCIÓN	: DOCTOR JOHOW 357
MESA: 399
ACEVEDO CONCHA FELIPE ENRIQUE
ACEVEDO PARRA MARIA LORETO
ACEVEDO ZAMORANO PAULINA ROCIO
AGUILAR CONCHA EVELYN ALEJANDRA
AHUMADA ALTAMIRANO JORGE ANDRES
MESA: 400
ALCAYAGA FUENTES CATALINA ANDREA
ALVAREZ MUÑOZ FRANCISCA CAROLINA
AMARAL CAMPUSANO BARBARA ANDREA
AMENABAR SAN MARTIN MARIA PAZ
ANAYA FUENTES JOSE ANTONIO
MESA: 401
AVILES ERLLOOF RUBY JESUS
BALDOVINO MARTINEZ MARITZA KARINA
BARRIA BASTIDAS MARIA JOSE
BARRIA SEPULVEDA VALERIA ANDREA
BASTIAS BERRIOS FRANCISCO ENRIQUE
MESA: 402
BRAVO ZAMORANO JAVIER ANDRES
BRIONES GONZALEZ ESTEBAN ALONSO
BRIONES ORTEGA CATALINA ANDREA
BRIONES ORTEGA RODRIGO ANTONIO
BUNSTER MORENO ALEJANDRO
MESA: 403
CARDENAS VEGA YOVANNA VANARET
CARRASCO HENRIQUEZ PAULINA
CARRASCO SANTANA LUISA VERONICA
CARRASCO VALENZUELA JUAN CARLOS
CARVAJAL ZUÑIGA BELEN JESUS
MESA: 404
CAMPUSANO CAYUCAN DANIELA CONSTANZA
CARO LISSENSE MANUEL IGNACIO
CERDA ZEPEDA LUIS FERNANDO
CHAMORRO RUIZ ALEXIS ALEJANDRO
CHAVEZ SOZA MARIA ANTONIA
MESA: 405
CORTINEZ VILLALOBOS DIEGO MIGUEL
CORVALAN GAMBOA DANILO ANDRES
CRISOSTOMO GONZALEZ ISABEL ALEXANDRA
CRUZ RAMIREZ LORENA VICTORIA
DIAZ TAPIA FRANCISCO ANTONIO
MESA: 406
DIAZ TAPIA MAXIMILIANO ESTEBAN
DOCKENDORFF MARTINEZ BEATRIZ ANDREA
DONOSO GAGGERO VOCELYN MACARENA
FAGALDE GALLEGUILLOS GUSTAVO JUAN
FERRARI BRAVO INDIRA KALEI
MESA: 407
FRANCO DUARTE RAMIRO ANTONIO
FRANZ TORRES MARIA ROSA
FUENTES ACEVEDO NATALIA JAVIERA
GACITUA ROBERT CARLOS JAVIER
GANGA CALDERON LORENA SOLEDAD
MESA: 408
DOEPKING CASTRO GABRIELA AMANCAY
GANTER LEIVA CAROL JOCELYN
GARCIA MUÑOZ JUAN FRANCISCO
GONZALEZ PEREZ JOSEFINA
GONZALEZ ROJAS MARINES VANEZZA
MESA: 409
GUTIERREZ LEIVA PATRICIA ISABEL
GUZMAN ALONSO MARIO LEONEL
HERBIAS OLIVA MARIA EUGENIA
HERNANDEZ CACERES HUGO ESTEBAN
HERRERA CERDA TAHIA FERNANDA
MESA: 410
HEV MASSARDO ARIEL HENJAMIS
HOULT SORROZO SOPHIE GRACE
IBACETA GOMEZ CAMILA CONSTANZA
IBAÑEZ BLANCO AGUSTIN
IBAÑEZ MUÑOZ MARIA JOSE
MESA: 411
GARAY PEREZ TAMARA ESPERANZA
GARCIA ROCCA PAULA LORENA
HERRERA GALVEZ PABLO ALBERTO
LEON NAVARRO ANA NATALIE
LARA OYARCE IGNACIO HUMBERTO
COMUNA	: ÑUÑOA
CIRCUNS.	: ÑUÑOA
MESAS	: 412 A LA 424
LOCAL	: LICEO INDUSTRIAL CHILENO-ALEMAN L2
DIRECCIÓN	: DOCTOR JOHOW 357
MESA: 412
LOYOLA ROJAS FLORENCIA HELENA
LUCERO ALVAREZ CONSTANZA PAOLA
MALDONADO PEREIRA FELIPE IGNACIO
MANQUE MORALES TATIANA IRENE
MARDONES RODRIGUEZ PATRICIO ARTURO
MESA: 413
MATHIAS SAEZ MARIA ELISA
MATURANA RETAMAL ESTEFANIA DEL CARMEN
MILLAS JIMENEZ ROXANA MARIA
MIRANDA LOAIZA PATRICIO RAMON
MOLINA AVELLO LUCIANO IVAR
MESA: 414
MORALES CORDOVA JOSE TOMAS
MUÑOZ ALARCON MARIA ISABEL
MUÑOZ SERRANO LEOPOLDO JOSE
NARANJO PARRA PAMELA ANDREA
NAVARRO HIDALGO CESAR AUGUSTO
MESA: 415
MOLINA DURAN CESAR JAVIER
NEIRA VARELA CATHERINE SOLANGE
OROZCO LEDEZMA YOSELI CAROLINA
ORTEGA ARANCIBIA JAVIERA CONSTANZA
ORTEGA MUÑOZ NICOLAS IGNACIO
MESA: 416
OYARZUN PIÑA JUAN FRANCISCO
PEREIRA SOTO TANNIA PAULINA
PEREZ CARO MARIA JOSE
PEREZ CATALAN ANDRE IGNACIO
PEREZ GONZALEZ KATHERINE YOHANA
MESA: 417
MOLLER CANTIN ALBERT HEINZ
PINO CALDERON ALLISON ESTEFANIA
QUEZADA RAMOS ESTELA FERNANDA
RAMIREZ VENEGAS CATALINA FERNANDA
RAMOS SANCHEZ BEATRIZ SUSANA
MESA: 418
MONSALVEZ RAMIREZ MARLENE IVONNE
PEREZ VARGAS NATALIA ANTONIA
PEÑA AVALOS RODRIGO ESTEBAN
REYES DURAN VALENTINA DANIELA
RODRIGUEZ OYANEDEL MARCELO ALEJANDRO
MESA: 419
ROMO VEGA DANIEL OSVALDO
SAAVEDRA CORTEZ TAMARA EDITH
SAIPE GUAJARDO MARTIN IGNACIO
SALAZAR DIAZ MIGUEL ANGEL
SALAZAR LUCO CAROLA ANDREA
MESA: 420
SALGADO JARA MAXIMILIANO IGNACIO
SALINAS VIVEROS MONICA LORETO
SAN MARTIN RUIZ ANNETTE MERIBEM
SEGURA ALMENDRAS RUTH CAROLA
SEPULVEDA JORQUERA SERGIO ENRIQUE
MESA: 421
SOLAR BURGOS PABLO ALEJANDRO
TANK RANDOLPH HECTOR EDUARDO
TAPIA CESPEDES CESAR ANDRES
TAPIA SALINAS FRANCISCO EDUARDO
TAPIA URRUTIA HECTOR GONZALO
MESA: 422
TEJIAS SAAVEDRA CLAUDIA ANDREA
TOLVETT CARO CRISTIAN IGNACIO
VALENZUELA PIZARRO MARIA ISABEL
VARGAS CHIRINOS CAMILA ANDREA
VARGAS SOTO JOSE ANTONIO
MESA: 423
VEGA MARQUEZ KATHERINE NICOLE
VEJAR MONTANA MAURICIO EDUARDO
VERGARA SALAZAR TOMAS ALEJANDRO
VIDAURRE ROMAN PHILIPPE GERARD
VIDOSA RIQUE VIGA IGNACIO AGUSTIN LUCCIANO
MESA: 424
TORRES CORTES KAREN NAYIBE
VILCHES LEAL LORENA DEL CARMEN
VILLAGRAN GODOY ENRIQUE OCTAVIO
VILLALOBOS ARRATIA EMILIA ASUNCION
VILLEGAS GAJARDO FLORENCIA ANDREA
COMUNA	: ÑUÑOA
CIRCUNS.	: ÑUÑOA
MESAS	: 425 A LA 437
LOCAL	: ESCUELA JUAN MOYA MORALES
DIRECCIÓN	: OLMUE 4017
MESA: 425
ACHELIAS RODRIGUEZ DANIEL ANTONIO
AGUILERA SILVA OSCAR ALFREDO
AGUILAR REYES VICTOR DAVID
AGUILO CORNEJO DEMIAN ALEXANDER
MESA: 426
BAEZ ARAYA JORGE MAXIMILIANO
BAHAMONDE ALIAGA RICARDO ANDRES
BARAHONA YAÑEZ GABRIELA ANDREA
BARRA DIAZ CATALINA ANDREA
BARRA BRAVO ALEJANDRA PAOLA
MESA: 427
CARRASCO HEREDIA PAULINA ELIZABETH
CARVACHO PALLECCA SEBASTIAN RAMON
CASTRO ZALAZAR FRANCISCO JOSE
CORNEJO TORRES NATALIA ANDREA
CORTES CARVAJAL FRANCISCA PAZ
MESA: 428
CORTES MORALES JUAN CARLOS
CORVALAN GUERRERO SANTIAGO JOSE
DIAZ MARQUEZ VALERIA ALEJANDRA
MEDINA ZURITA JAVIERA ANTONIA
MEDINA SCHLOTTERBECK MIA ANDREA
MESA: 429
FERRERA ALLIAPAN CESAR LIONEL
FLORES CARRERA VALENTINA PAZ
FLORES GAMBLE FELIPE ANDRES
FLORES HUERTA PAULA TAMARA
FLORES BAEZA CAROLINA
MESA: 430
GONZALEZ VELASQUEZ SARA FERNANDA
HERNANDEZ HANSEN DANIEL IGNACIO
HERRERA ARRIOLA CONSTANZA MARIA
HERRERA CARO ESTEBAN RODRIGO
HERRERA CAÑAS JOSE IGNACIO
MESA: 431
LADRA TAPIA CRISTIAN PATRICIO
LAZO DE LA BARRA ANDRES IGNACIO
LILLO SHARBIAZE TAMARA IVANA
LONCONAO OYARZUN AYELEN AIDA
MATAMALA HERNANDEZ VALESKA SOLANGE
MESA: 432
MELENDEZ CORNEJO YESSENIA ALEJANDRA
MILLAN CORNEJO CARLOS MILTON SIDNEY
MORALES MONCADA VERONICA GRISELDA
MUÑOZ ACCAITINO ARIELA ANDREA
MUÑOZ ALLENDE MARIA VALERIA
MESA: 433
NEIRA SEPULVEDA IVONNE ANDREA
OLAVE CAMPOS GABRIELA DEL PILAR
ORDUERA ARAYA RODRIGO JAVIER
OSSANDON SERMEÑO ANGELICA MARIA
OYANEDER VILLEGAS ROXANA MACARENA
MESA: 434
PIZARRO CAAMAÑO FIDEL MANUEL
PIZARRO MONDACA ANA MARIA
POBLETE VALDEBENITO PATRICIO ALEJANDRO
POPPE JIMENEZ OLIVER JOHN MARIO
RIVERA QUIROGA SAMUEL ANTONIO
MESA: 435
ROCHA ALDUNCE CLAUDIA ELENA
ROCHA QUINTEROS JUAN PABLO
RODRIGUEZ HERMOSILLA VERONICA SUSANA
ROMAN OYARCE CLAUDIA ANDREA
SALGADO YURISICH ESTEFANIA DEL CARMEN
MESA: 436
SIERRE MUÑOZ FERNANDA IGNACIA
SIRESEY DRAGO ISADORA CAROLINA
TAPIA CEPEDA NATALIA PATRICIA
TAPIA HERNANDEZ JUAN ALEJANDRO
VALDES VIDAL CARLOS PATRICIO
MESA: 437
VALENZUELA CASTILLO CRISTOBAL ARIEL
VASCONCELLO HERNANDEZ VANIA CAROLINA
VASQUEZ CAUSSADE GUSTAVO ANDRES
VEGA CESPED KATHERINE IVONE
VELASQUEZ CHIVIGAO JORGE LUIS
COMUNA	: ÑUÑOA
CIRCUNS.	: ÑUÑOA
MESAS	: 438 A LA 449
LOCAL	: LICEO REPUBLICA DE SIRIA
DIRECCIÓN	: AVENIDA GRECIA 4000
MESA: 438
ABARCA ARENAS CONSTANZA ANDREA
ABELLI FUENTES CARLOS FERNANDO
ABURTO AVALOS MIGUEL ANGEL ANTONIO
ACEITUNO GOMEZ MARIA VICENTE
ACEVEDO BASOALTO LUISA RAQUEL
MESA: 439
BECERRA RUIZ MARTIN VICENTE
BENITEZ SAAVEDRA JENNIFFER DANIELA
BERRIOS ARAYA PABLO ANDRES
BRICEÑO CALQUIN PAULINA GEORGETTE
CABRERA CASTILLO EMILIO ALBERTO
MESA: 440
CARRILLO BAZAN MATIAS IGNACIO
CARRILLO YAÑEZ CONSTANZA VALERIA
CARVAJAL GAETE PAZ MARGARITA
CASTILLO JARA PAULINA SOLEDAD
CASTILLO REBOLLEDO SABRINA SOL
MESA: 441
DEL RIO SALINAS EXEQUIEL HERY
DELGADO DIAZ ALEJANDRO IGNACIO
DEMARCHI MORALES JAVIER NICOLAS
DIAZ DIAZ DANIEL RODRIGO
ELIZALDE MUÑOZ JORGE ANDRES
MESA: 442
GALAZ PONCE SEBASTIAN ANDRES
GARCIA ESPINA GABRIEL EDUARDO
GAJUCA VILLANUEVA MAURICIO ALEJANDRO
GUERRA ROJAS JOSE DANIEL
GUNTHER MARTINEZ FRANCISCA XAVIERA
MESA: 443
HERRERA HEICKE CATALINA FERNANDA
HERRERA MALDONADO CAROLINA PAZ
HERRERA RETAMAL NATHALIA BEATRIZ
HERRERA SALINAS FELIPE ANDRES
HERRERA VASQUEZ ANDRES ANTONIO
HEYERMENA MATHIAS IGNACIO
MESA: 444
ACEVEDO MEDINA RODRIGO EDUARDO
LOPEZ HIDALGO CATHERINE GRACIELA
MACHUCA SAN MARTIN ANDREA TERESA
MAGAÑA MORALES MARIA CLEMENTINA
MANCILLA ALCAYDA ROMINA ALEJANDRA
MESA: 445
ACHURRA GOMEZ LUIS FELIPE
MOREIRA ORELLANA MARTINA SOFIA
MORENO OSSES JOSE FRANCISCO
OLIVA VASQUEZ SCARLETT MIKAL
ORELLANA SOTO OLGA KARINA
ORTEGA ZAMORA ANDRES RIGEL
MESA: 446
PAVEZ ANDAINA LORENA DEL CARMEN
PEREZ ALVAREZ JAVIERA JOSEFA
PEREZ RIVEROS JAVIERA JESUS
PINO CORDOVA NICOLAS ALEJANDRO
QUEVEDO PINILLA ROBERTO ALEX
MESA: 447
RIQUELME ISAMIÑA NICOLE ANDREA
RIVERO SONE ROBERTO HERIQUE
RODRIGUEZ MEZA DANIELA ANDREA
ROMAN SALCES RAFAELA IGNACIA
RUIZ ARANCIBIA PABLO TOMAS
MESA: 448
ASTORGA DIAZ NATALIA ROCIO DE BELEN
SAZO PRADENAS FERNANDA GEMA
SEGUEL MUÑOZ JAVIER OSVALDO
SEPULVEDA BASTIDAS MARIA FLORENCIA
SILVA MUÑOZ CAMILA PAZ
MESA: 449
VALENZUELA ALEGRIA CRISTOBAL IGNACIO
VALENZUELA TORREBLANCA GUILLERMO IGNACIO
VEAS MORALES VICENTE ALFONSO
VEGA CARTAGENA JAVIERA IGNACIA
VENEGAS ARCOS CRISTINA ALEJANDRA
COMUNA	: ÑUÑOA
CIRCUNS.	: ÑUÑOA
MESAS	: 450 A LA 470
LOCAL	: ESTADIO NACIONAL JULIO MARTINEZ PRADANOS L1
DIRECCIÓN	: GRECIA 2001
MESA: 450
ABARCA BARRIA ANASTASSIA CAROLINA
ABARCA QUIROGA NICOLAS IGNACIO
ABARCA SALVADOR JOSE ANTONI
ACEVEDO ABARCA JOSUE JAVIER
ACOSTA JOHNSTON IGNACIO ANDRES
MESA: 451
ACUÑA FARIAS CAMILO COLUMBO
ALCAYAGA LARA CLAUDIA ISABEL
ALEGRIA SALAZAR GABRIELA ALEJANDRA
ALFARO VALENZUELA LAURA ELIANA
ALFARO TORRES BASTIAN JACOB
MESA: 452
ALVAREZ NOVA PATRICIO VENERO
ALVAREZ MUÑOZ RAFAEL ANDRES
ALVAREZ HILLMAN CAROLA PAZ
ANDRADE HERNANDEZ FELIPE MARCELO
ANGEL TAKAOKA PAMELA KYOKO
MESA: 453
ARAVENA ALBARRAN YOSELYN ALEJANDRA
ARAVENA AZOCAR DANIEL DEL CARMEN
ARAVENA PEREZ INGRID TAMARA
ARAVENA ROMERO CRISTIAN ANDRES
ARAYA ABRESTICA VICTORIA ALEJANDRA
MESA: 454
ARMIJO SEPULVEDA CAROLINA ANDREA
AVENDAÑO CARVAJAL LORETO
AYALA ESPINOSA MONICA ALEJANDRA
AZOCAR FIGUEROA EDUARDO DAVID
AZOCAR HERRERA CRISTIAN OMAR
MESA: 455
BADANY MUÑOZ MAURICIO RODRIGO
BAEZ SAAVEDRA FELIPE IGNACIO
BARRAZA DURAN ALEJANDRA MACARENA
BARRIENTOS BARRA PAULINA FERNANDA
BARRIENTOS CORREA ALEJANDRA ESTEFANIA
MESA: 456
BARROWS BAEZA FERNANDO JETTRO
BECERRA ARAYA CRISTOBAL EDUARDO
BECERRA VILLEGAS FRANCISCO IGNACIO
BELMAR JAIME SUSANA DEL CARMEN
BENAVIDES FAGEL ORIANA ELIZABETH
MESA: 457
ACUÑA FLORES MAXIMILIANO ANDRES
AGUILAR BARROS LUIS ALBERTO
BOISSIE CHERRE JEANNETTE ISABEL
BOOCK PERRETTI BERNARDITA MARIA
BRISENO VALLEJOS VALESKA NOEMI
MESA: 458
BUHLER CORTES GERARDO
BURATOVICH PETTIT MARIO
BUSTAMANTE RAMIREZ SOFIA JOSE
BUSTILLO MELLIVAN FRANCISCO
BUSTILLOS CALDERON XIMENA PATRICIA
